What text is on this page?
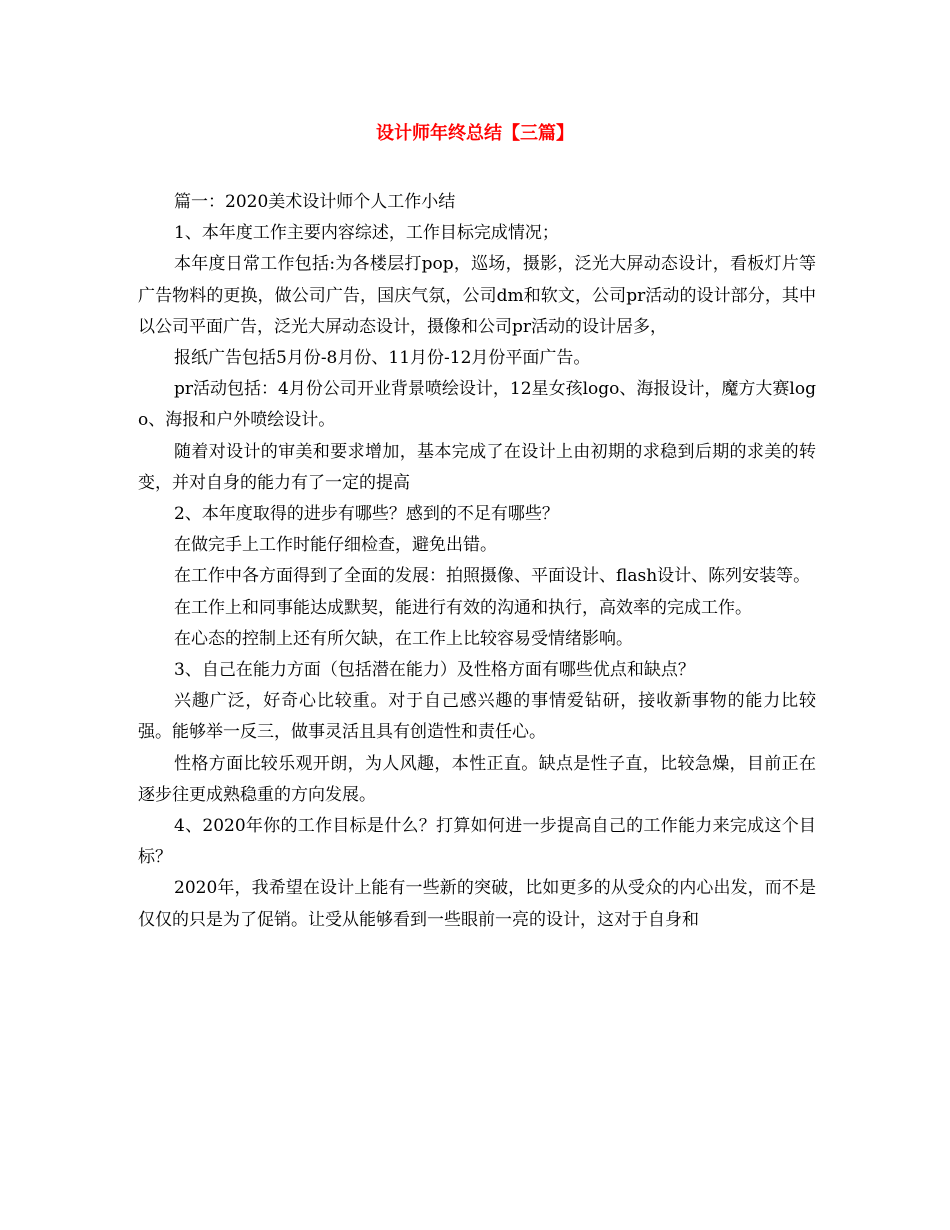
设计师年终总结【三篇】

篇一：2020美术设计师个人工作小结

1、本年度工作主要内容综述，工作目标完成情况；

本年度日常工作包括:为各楼层打pop，巡场，摄影，泛光大屏动态设计，看板灯片等广告物料的更换，做公司广告，国庆气氛，公司dm和软文，公司pr活动的设计部分，其中以公司平面广告，泛光大屏动态设计，摄像和公司pr活动的设计居多，

报纸广告包括5月份-8月份、11月份-12月份平面广告。

pr活动包括：4月份公司开业背景喷绘设计，12星女孩logo、海报设计，魔方大赛logo、海报和户外喷绘设计。

随着对设计的审美和要求增加，基本完成了在设计上由初期的求稳到后期的求美的转变，并对自身的能力有了一定的提高

2、本年度取得的进步有哪些？感到的不足有哪些？

在做完手上工作时能仔细检查，避免出错。

在工作中各方面得到了全面的发展：拍照摄像、平面设计、flash设计、陈列安装等。

在工作上和同事能达成默契，能进行有效的沟通和执行，高效率的完成工作。

在心态的控制上还有所欠缺，在工作上比较容易受情绪影响。

3、自己在能力方面（包括潜在能力）及性格方面有哪些优点和缺点？

兴趣广泛，好奇心比较重。对于自己感兴趣的事情爱钻研，接收新事物的能力比较强。能够举一反三，做事灵活且具有创造性和责任心。

性格方面比较乐观开朗，为人风趣，本性正直。缺点是性子直，比较急燥，目前正在逐步往更成熟稳重的方向发展。

4、2020年你的工作目标是什么？打算如何进一步提高自己的工作能力来完成这个目标？

2020年，我希望在设计上能有一些新的突破，比如更多的从受众的内心出发，而不是仅仅的只是为了促销。让受从能够看到一些眼前一亮的设计，这对于自身和
